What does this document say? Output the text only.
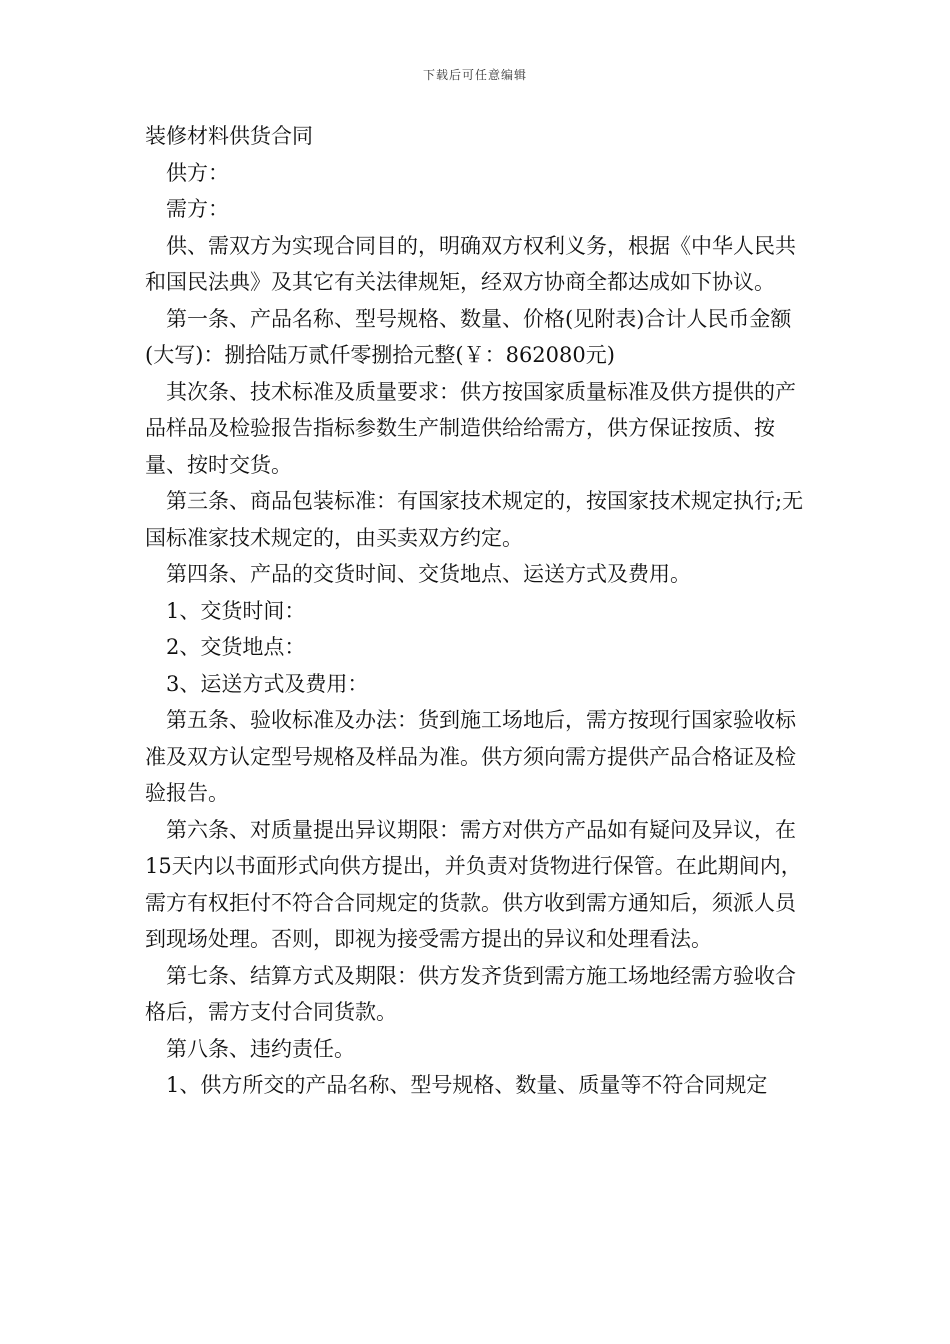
下载后可任意编辑

装修材料供货合同

供方：

需方：

供、需双方为实现合同目的，明确双方权利义务，根据《中华人民共和国民法典》及其它有关法律规矩，经双方协商全都达成如下协议。

第一条、产品名称、型号规格、数量、价格(见附表)合计人民币金额(大写)：捌拾陆万贰仟零捌拾元整(￥：862080元)

其次条、技术标准及质量要求：供方按国家质量标准及供方提供的产品样品及检验报告指标参数生产制造供给给需方，供方保证按质、按量、按时交货。

第三条、商品包装标准：有国家技术规定的，按国家技术规定执行;无国标准家技术规定的，由买卖双方约定。

第四条、产品的交货时间、交货地点、运送方式及费用。

1、交货时间：

2、交货地点：

3、运送方式及费用：

第五条、验收标准及办法：货到施工场地后，需方按现行国家验收标准及双方认定型号规格及样品为准。供方须向需方提供产品合格证及检验报告。

第六条、对质量提出异议期限：需方对供方产品如有疑问及异议，在15天内以书面形式向供方提出，并负责对货物进行保管。在此期间内，需方有权拒付不符合合同规定的货款。供方收到需方通知后，须派人员到现场处理。否则，即视为接受需方提出的异议和处理看法。

第七条、结算方式及期限：供方发齐货到需方施工场地经需方验收合格后，需方支付合同货款。

第八条、违约责任。

1、供方所交的产品名称、型号规格、数量、质量等不符合同规定
